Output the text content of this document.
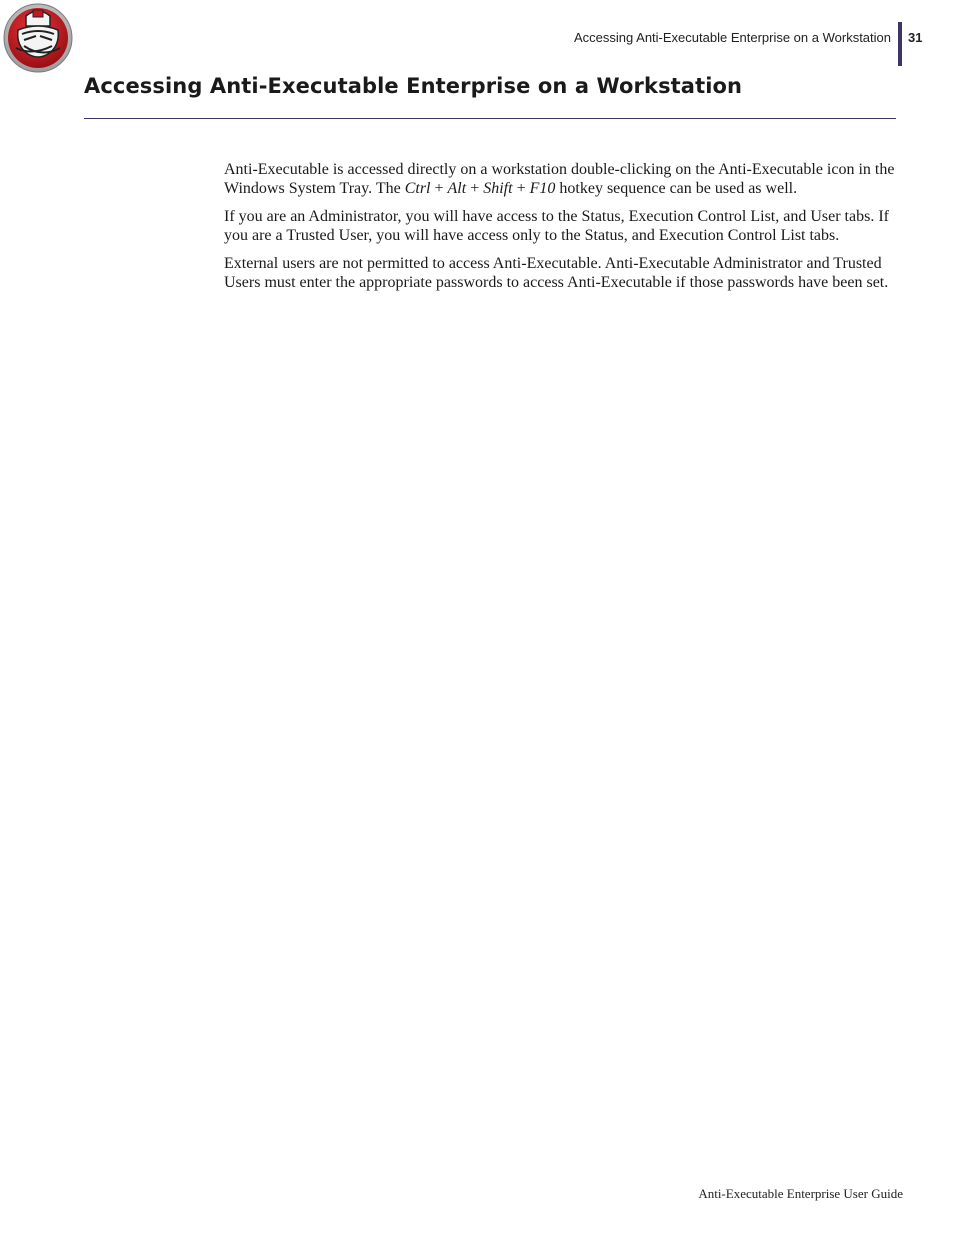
Accessing Anti-Executable Enterprise on a Workstation 31
Accessing Anti-Executable Enterprise on a Workstation

Anti-Executable is accessed directly on a workstation double-clicking on the Anti-Executable icon in the Windows System Tray. The Ctrl + Alt + Shift + F10 hotkey sequence can be used as well.

If you are an Administrator, you will have access to the Status, Execution Control List, and User tabs. If you are a Trusted User, you will have access only to the Status, and Execution Control List tabs.

External users are not permitted to access Anti-Executable. Anti-Executable Administrator and Trusted Users must enter the appropriate passwords to access Anti-Executable if those passwords have been set.

Anti-Executable Enterprise User Guide
